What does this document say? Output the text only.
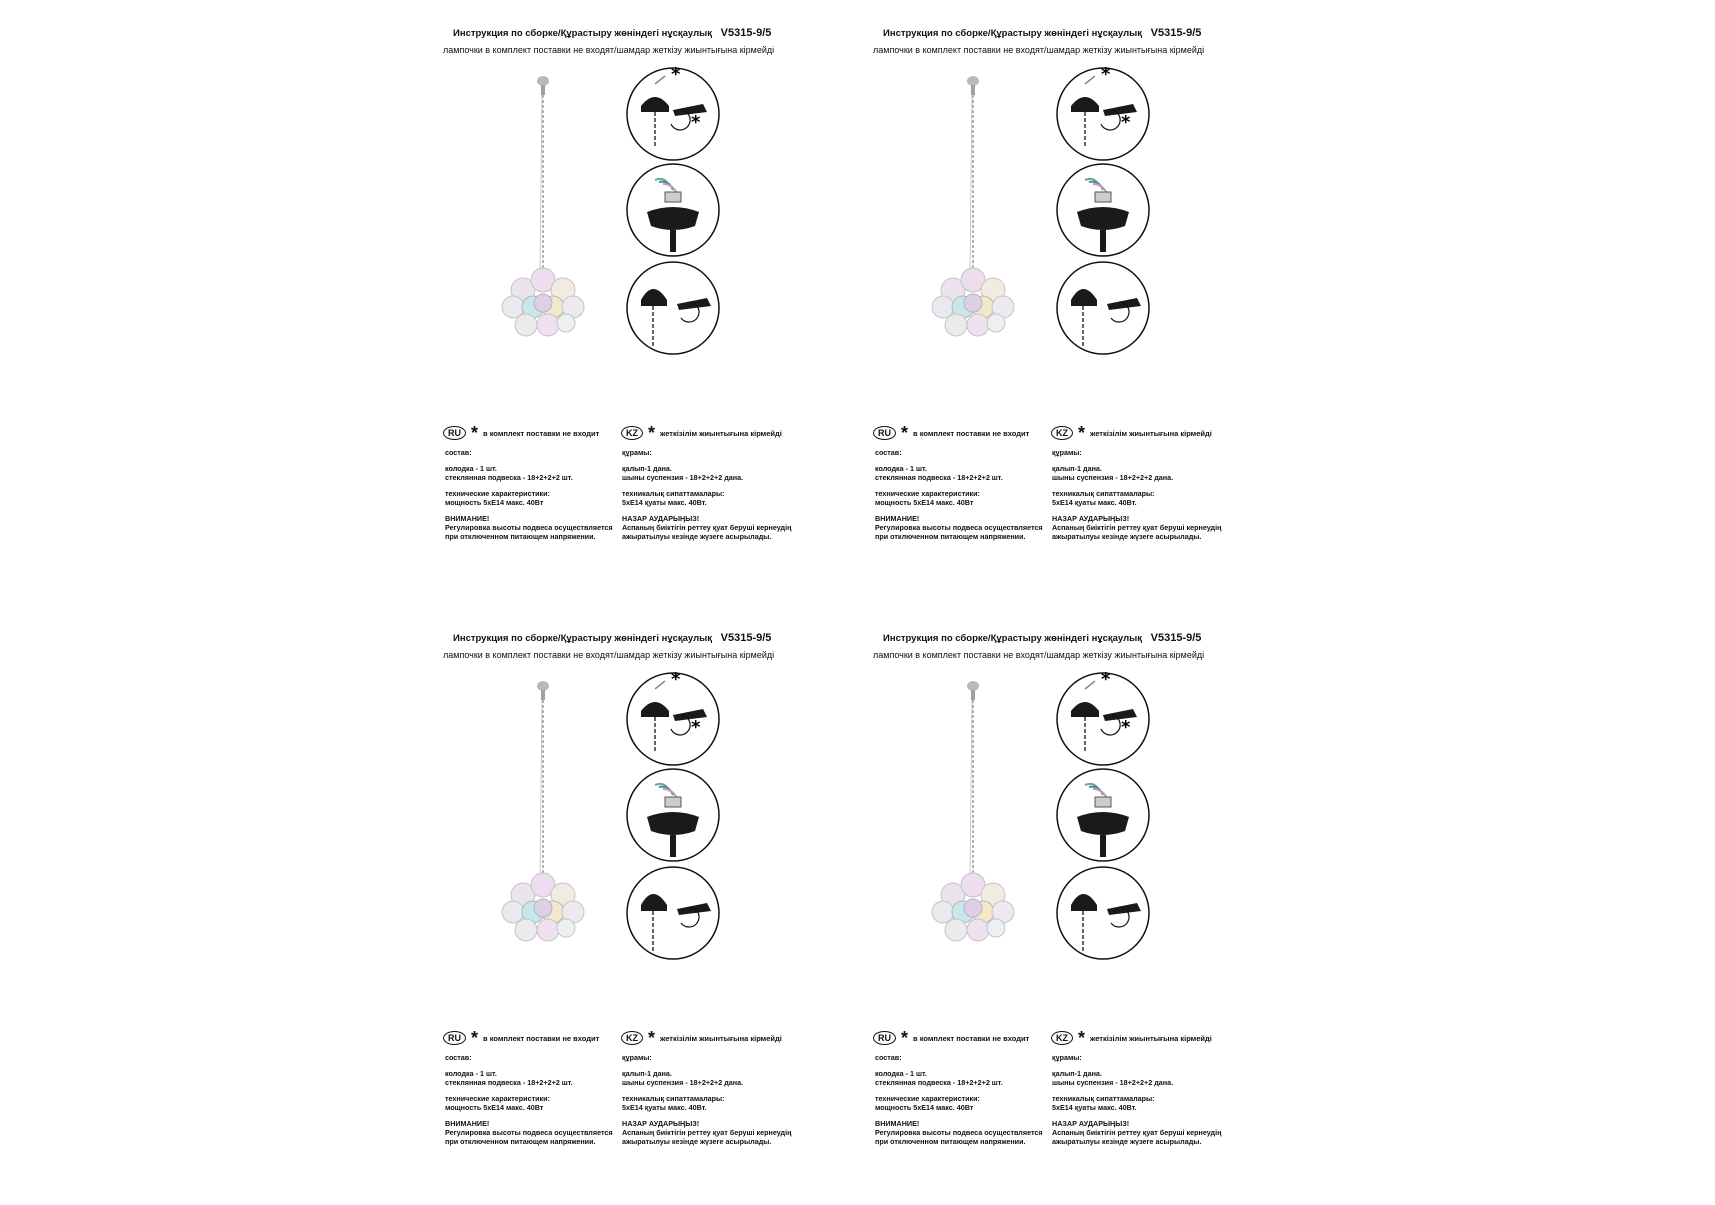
Инструкция по сборке/Құрастыру жөніндегі нұсқаулық V5315-9/5
лампочки в комплект поставки не входят/шамдар жеткізу жиынтығына кірмейді
*
*
RU * в комплект поставки не входит	KZ * жеткізілім жиынтығына кірмейді
состав:
колодка - 1 шт.
стеклянная подвеска - 18+2+2+2 шт.
технические характеристики:
мощность 5xE14 макс. 40Вт
ВНИМАНИЕ!
Регулировка высоты подвеса осуществляется
при отключенном питающем напряжении.
құрамы:
қалып-1 дана.
шыны суспензия - 18+2+2+2 дана.
техникалық сипаттамалары:
5xE14 қуаты макс. 40Вт.
НАЗАР АУДАРЫҢЫЗ!
Аспаның биіктігін реттеу қуат беруші кернеудің
ажыратылуы кезінде жүзеге асырылады.
Инструкция по сборке/Құрастыру жөніндегі нұсқаулық V5315-9/5
лампочки в комплект поставки не входят/шамдар жеткізу жиынтығына кірмейді
*
*
RU * в комплект поставки не входит	KZ * жеткізілім жиынтығына кірмейді
состав:
колодка - 1 шт.
стеклянная подвеска - 18+2+2+2 шт.
технические характеристики:
мощность 5xE14 макс. 40Вт
ВНИМАНИЕ!
Регулировка высоты подвеса осуществляется
при отключенном питающем напряжении.
құрамы:
қалып-1 дана.
шыны суспензия - 18+2+2+2 дана.
техникалық сипаттамалары:
5xE14 қуаты макс. 40Вт.
НАЗАР АУДАРЫҢЫЗ!
Аспаның биіктігін реттеу қуат беруші кернеудің
ажыратылуы кезінде жүзеге асырылады.
Инструкция по сборке/Құрастыру жөніндегі нұсқаулық V5315-9/5
лампочки в комплект поставки не входят/шамдар жеткізу жиынтығына кірмейді
*
*
RU * в комплект поставки не входит	KZ * жеткізілім жиынтығына кірмейді
состав:
колодка - 1 шт.
стеклянная подвеска - 18+2+2+2 шт.
технические характеристики:
мощность 5xE14 макс. 40Вт
ВНИМАНИЕ!
Регулировка высоты подвеса осуществляется
при отключенном питающем напряжении.
құрамы:
қалып-1 дана.
шыны суспензия - 18+2+2+2 дана.
техникалық сипаттамалары:
5xE14 қуаты макс. 40Вт.
НАЗАР АУДАРЫҢЫЗ!
Аспаның биіктігін реттеу қуат беруші кернеудің
ажыратылуы кезінде жүзеге асырылады.
Инструкция по сборке/Құрастыру жөніндегі нұсқаулық V5315-9/5
лампочки в комплект поставки не входят/шамдар жеткізу жиынтығына кірмейді
*
*
RU * в комплект поставки не входит	KZ * жеткізілім жиынтығына кірмейді
состав:
колодка - 1 шт.
стеклянная подвеска - 18+2+2+2 шт.
технические характеристики:
мощность 5xE14 макс. 40Вт
ВНИМАНИЕ!
Регулировка высоты подвеса осуществляется
при отключенном питающем напряжении.
құрамы:
қалып-1 дана.
шыны суспензия - 18+2+2+2 дана.
техникалық сипаттамалары:
5xE14 қуаты макс. 40Вт.
НАЗАР АУДАРЫҢЫЗ!
Аспаның биіктігін реттеу қуат беруші кернеудің
ажыратылуы кезінде жүзеге асырылады.
